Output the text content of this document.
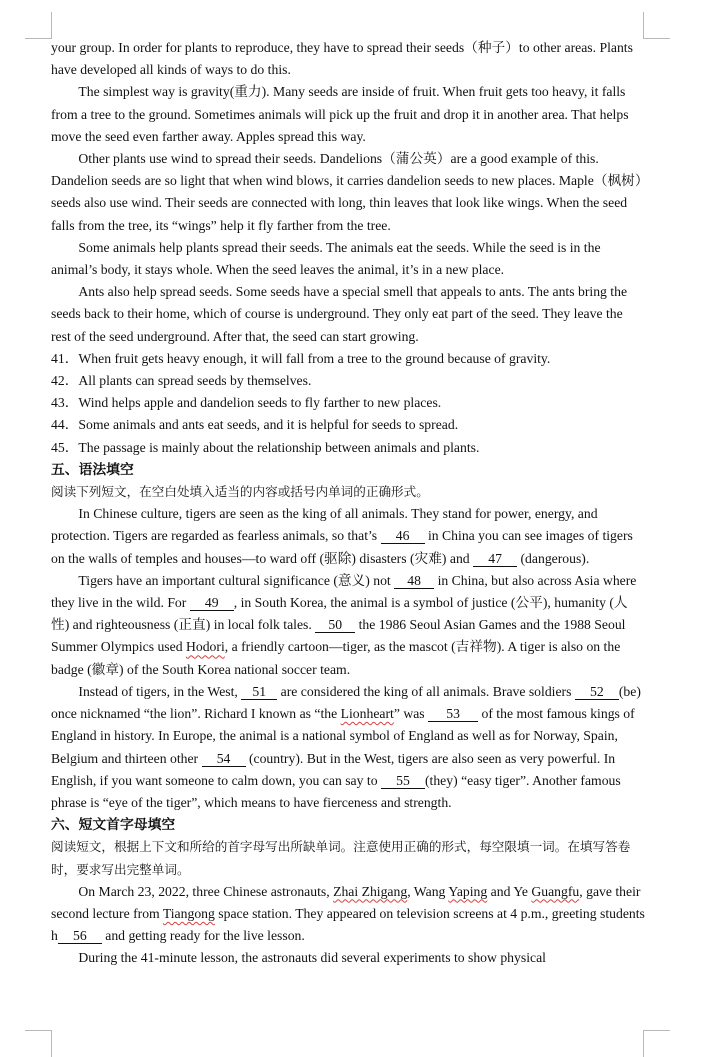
your group. In order for plants to reproduce, they have to spread their seeds（种子）to other areas. Plants have developed all kinds of ways to do this.

The simplest way is gravity(重力). Many seeds are inside of fruit. When fruit gets too heavy, it falls from a tree to the ground. Sometimes animals will pick up the fruit and drop it in another area. That helps move the seed even farther away. Apples spread this way.

Other plants use wind to spread their seeds. Dandelions（蒲公英）are a good example of this. Dandelion seeds are so light that when wind blows, it carries dandelion seeds to new places. Maple（枫树）seeds also use wind. Their seeds are connected with long, thin leaves that look like wings. When the seed falls from the tree, its “wings” help it fly farther from the tree.

Some animals help plants spread their seeds. The animals eat the seeds. While the seed is in the animal’s body, it stays whole. When the seed leaves the animal, it’s in a new place.

Ants also help spread seeds. Some seeds have a special smell that appeals to ants. The ants bring the seeds back to their home, which of course is underground. They only eat part of the seed. They leave the rest of the seed underground. After that, the seed can start growing.

41．When fruit gets heavy enough, it will fall from a tree to the ground because of gravity.

42．All plants can spread seeds by themselves.

43．Wind helps apple and dandelion seeds to fly farther to new places.

44．Some animals and ants eat seeds, and it is helpful for seeds to spread.

45．The passage is mainly about the relationship between animals and plants.

五、语法填空

阅读下列短文，在空白处填入适当的内容或括号内单词的正确形式。

In Chinese culture, tigers are seen as the king of all animals. They stand for power, energy, and protection. Tigers are regarded as fearless animals, so that’s 46 in China you can see images of tigers on the walls of temples and houses—to ward off (驱除) disasters (灾难) and 47 (dangerous).

Tigers have an important cultural significance (意义) not 48 in China, but also across Asia where they live in the wild. For 49 , in South Korea, the animal is a symbol of justice (公平), humanity (人性) and righteousness (正直) in local folk tales. 50 the 1986 Seoul Asian Games and the 1988 Seoul Summer Olympics used Hodori, a friendly cartoon—tiger, as the mascot (吉祥物). A tiger is also on the badge (徽章) of the South Korea national soccer team.

Instead of tigers, in the West, 51 are considered the king of all animals. Brave soldiers 52 (be) once nicknamed “the lion”. Richard I known as “the Lionheart” was 53 of the most famous kings of England in history. In Europe, the animal is a national symbol of England as well as for Norway, Spain, Belgium and thirteen other 54 (country). But in the West, tigers are also seen as very powerful. In English, if you want someone to calm down, you can say to 55 (they) “easy tiger”. Another famous phrase is “eye of the tiger”, which means to have fierceness and strength.

六、短文首字母填空

阅读短文，根据上下文和所给的首字母写出所缺单词。注意使用正确的形式，每空限填一词。在填写答卷时，要求写出完整单词。

On March 23, 2022, three Chinese astronauts, Zhai Zhigang, Wang Yaping and Ye Guangfu, gave their second lecture from Tiangong space station. They appeared on television screens at 4 p.m., greeting students h 56 and getting ready for the live lesson.

During the 41-minute lesson, the astronauts did several experiments to show physical
